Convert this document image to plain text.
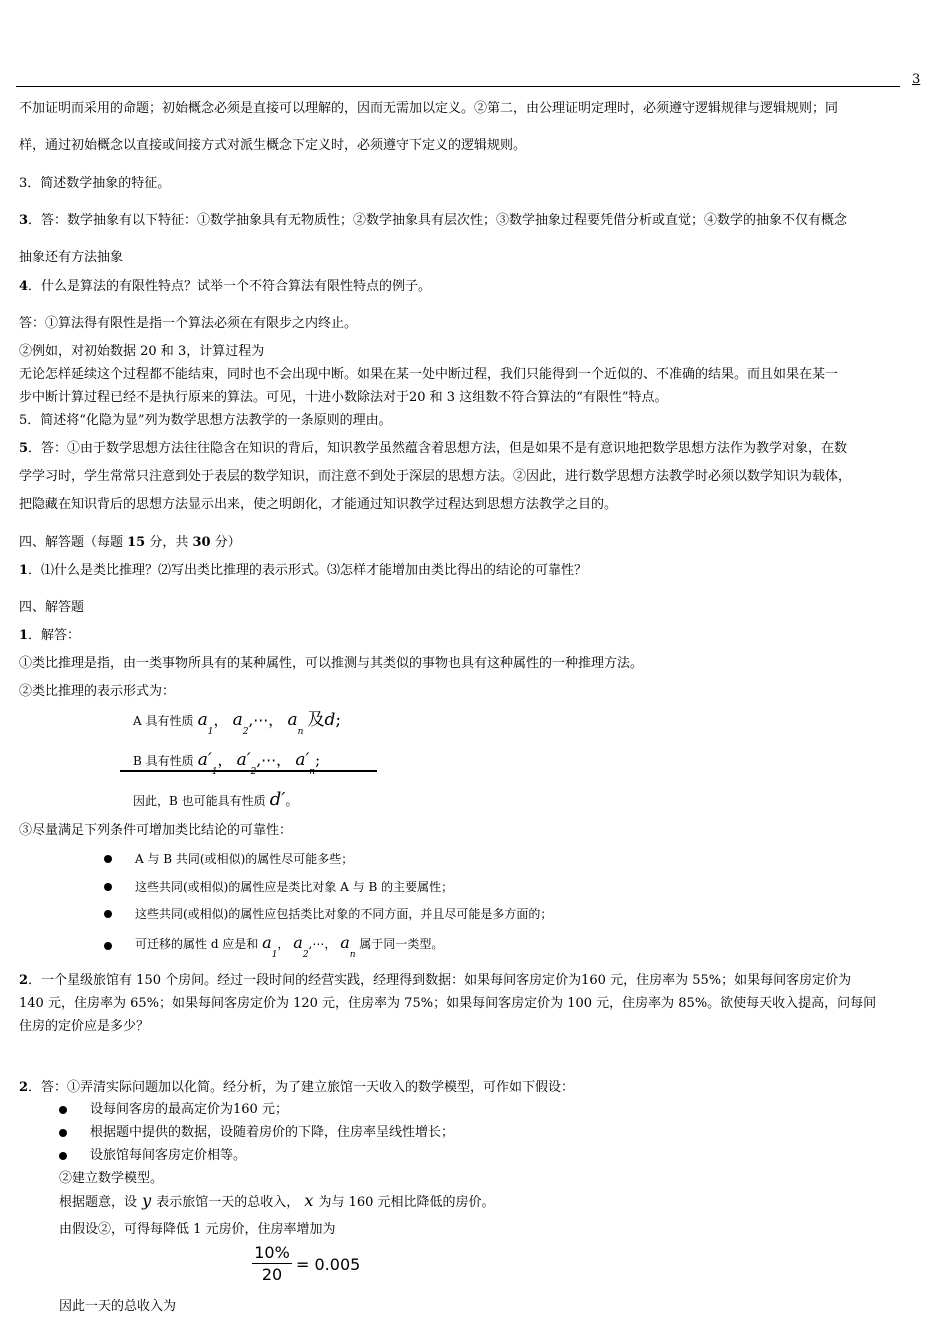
3
不加证明而采用的命题；初始概念必须是直接可以理解的，因而无需加以定义。②第二，由公理证明定理时，必须遵守逻辑规律与逻辑规则；同
样，通过初始概念以直接或间接方式对派生概念下定义时，必须遵守下定义的逻辑规则。
3．简述数学抽象的特征。
3．答：数学抽象有以下特征：①数学抽象具有无物质性；②数学抽象具有层次性；③数学抽象过程要凭借分析或直觉；④数学的抽象不仅有概念
抽象还有方法抽象
4．什么是算法的有限性特点？试举一个不符合算法有限性特点的例子。
答：①算法得有限性是指一个算法必须在有限步之内终止。
②例如，对初始数据 20 和 3，计算过程为
无论怎样延续这个过程都不能结束，同时也不会出现中断。如果在某一处中断过程，我们只能得到一个近似的、不准确的结果。而且如果在某一
步中断计算过程已经不是执行原来的算法。可见，十进小数除法对于20 和 3 这组数不符合算法的“有限性”特点。
5．简述将“化隐为显”列为数学思想方法教学的一条原则的理由。
5．答：①由于数学思想方法往往隐含在知识的背后，知识教学虽然蕴含着思想方法，但是如果不是有意识地把数学思想方法作为教学对象，在数
学学习时，学生常常只注意到处于表层的数学知识，而注意不到处于深层的思想方法。②因此，进行数学思想方法教学时必须以数学知识为载体，
把隐藏在知识背后的思想方法显示出来，使之明朗化，才能通过知识教学过程达到思想方法教学之目的。
四、解答题（每题 15 分，共 30 分）
1．⑴什么是类比推理？⑵写出类比推理的表示形式。⑶怎样才能增加由类比得出的结论的可靠性？
四、解答题
1．解答：
①类比推理是指，由一类事物所具有的某种属性，可以推测与其类似的事物也具有这种属性的一种推理方法。
②类比推理的表示形式为：
A 具有性质 $a_1$， $a_2,\cdots$， $a_n$ 及d;
B 具有性质 $a'_1$， $a'_2,\cdots$， $a'_n$;
因此，B 也可能具有性质 d′。
③尽量满足下列条件可增加类比结论的可靠性：
A 与 B 共同(或相似)的属性尽可能多些；
这些共同(或相似)的属性应是类比对象 A 与 B 的主要属性；
这些共同(或相似)的属性应包括类比对象的不同方面，并且尽可能是多方面的；
可迁移的属性 d 应是和 $a_1$， $a_2,\cdots$， $a_n$ 属于同一类型。
2．一个星级旅馆有 150 个房间。经过一段时间的经营实践，经理得到数据：如果每间客房定价为160 元，住房率为 55%；如果每间客房定价为
140 元，住房率为 65%；如果每间客房定价为 120 元，住房率为 75%；如果每间客房定价为 100 元，住房率为 85%。欲使每天收入提高，问每间
住房的定价应是多少？
2．答：①弄清实际问题加以化简。经分析，为了建立旅馆一天收入的数学模型，可作如下假设：
设每间客房的最高定价为160 元；
根据题中提供的数据，设随着房价的下降，住房率呈线性增长；
设旅馆每间客房定价相等。
②建立数学模型。
根据题意，设 y 表示旅馆一天的总收入， x 为与 160 元相比降低的房价。
由假设②，可得每降低 1 元房价，住房率增加为
$\frac{10\%}{20} = 0.005$
因此一天的总收入为
